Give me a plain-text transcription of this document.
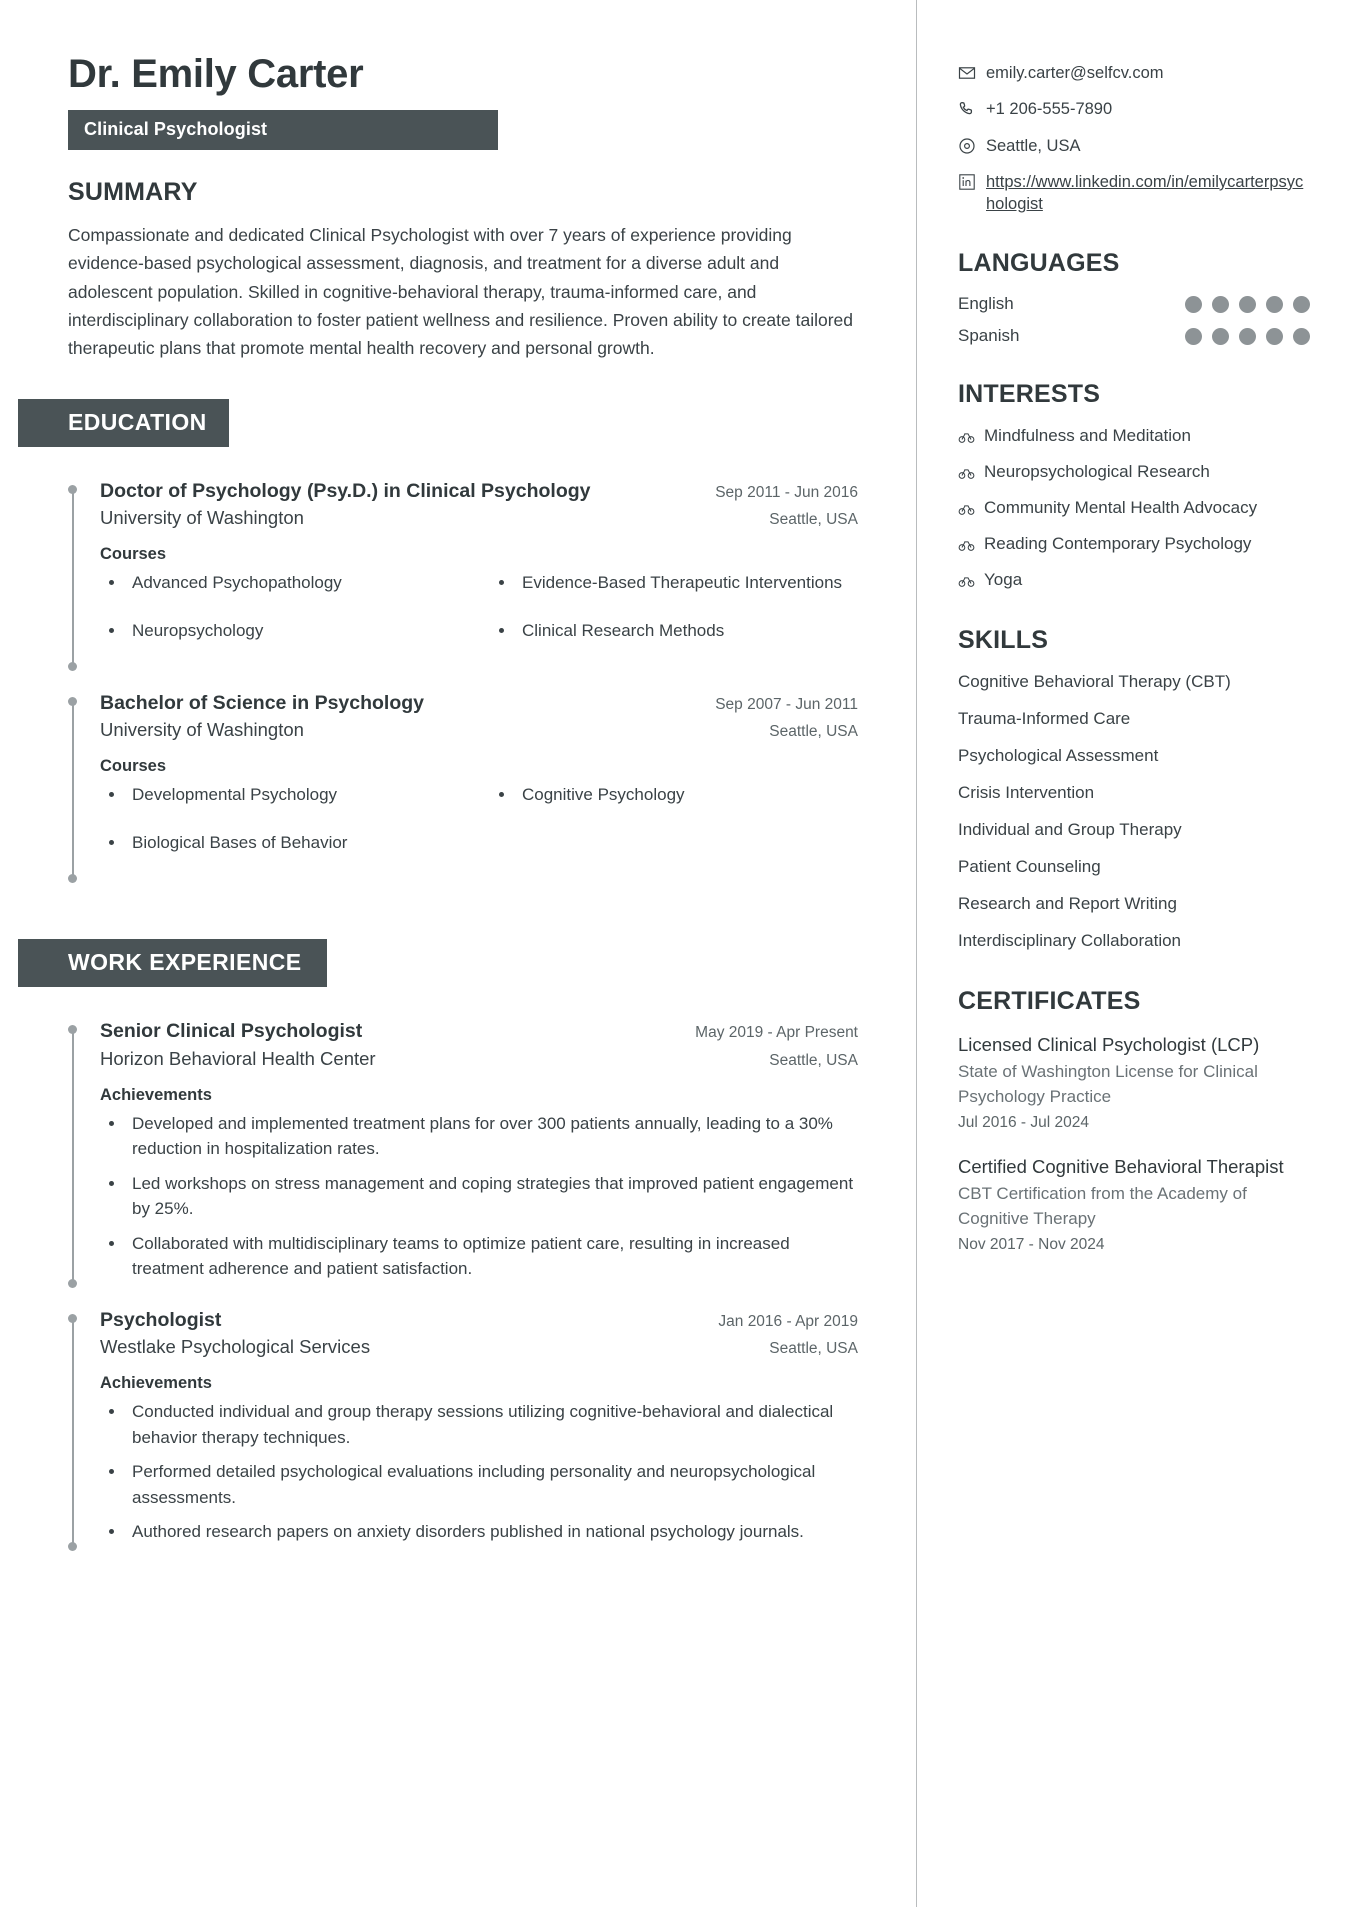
Dr. Emily Carter
Clinical Psychologist
SUMMARY

Compassionate and dedicated Clinical Psychologist with over 7 years of experience providing evidence-based psychological assessment, diagnosis, and treatment for a diverse adult and adolescent population. Skilled in cognitive-behavioral therapy, trauma-informed care, and interdisciplinary collaboration to foster patient wellness and resilience. Proven ability to create tailored therapeutic plans that promote mental health recovery and personal growth.

EDUCATION
Doctor of Psychology (Psy.D.) in Clinical Psychology	Sep 2011 - Jun 2016
University of Washington	Seattle, USA
Courses
• Advanced Psychopathology
• Neuropsychology
• Evidence-Based Therapeutic Interventions
• Clinical Research Methods
Bachelor of Science in Psychology	Sep 2007 - Jun 2011
University of Washington	Seattle, USA
Courses
• Developmental Psychology
• Biological Bases of Behavior
• Cognitive Psychology
WORK EXPERIENCE
Senior Clinical Psychologist	May 2019 - Apr Present
Horizon Behavioral Health Center	Seattle, USA
Achievements
• Developed and implemented treatment plans for over 300 patients annually, leading to a 30% reduction in hospitalization rates.
• Led workshops on stress management and coping strategies that improved patient engagement by 25%.
• Collaborated with multidisciplinary teams to optimize patient care, resulting in increased treatment adherence and patient satisfaction.
Psychologist	Jan 2016 - Apr 2019
Westlake Psychological Services	Seattle, USA
Achievements
• Conducted individual and group therapy sessions utilizing cognitive-behavioral and dialectical behavior therapy techniques.
• Performed detailed psychological evaluations including personality and neuropsychological assessments.
• Authored research papers on anxiety disorders published in national psychology journals.
emily.carter@selfcv.com
+1 206-555-7890
Seattle, USA
https://www.linkedin.com/in/emilycarterpsychologist
LANGUAGES
English
Spanish
INTERESTS
Mindfulness and Meditation
Neuropsychological Research
Community Mental Health Advocacy
Reading Contemporary Psychology
Yoga
SKILLS
Cognitive Behavioral Therapy (CBT)
Trauma-Informed Care
Psychological Assessment
Crisis Intervention
Individual and Group Therapy
Patient Counseling
Research and Report Writing
Interdisciplinary Collaboration
CERTIFICATES
Licensed Clinical Psychologist (LCP)
State of Washington License for Clinical Psychology Practice
Jul 2016 - Jul 2024
Certified Cognitive Behavioral Therapist
CBT Certification from the Academy of Cognitive Therapy
Nov 2017 - Nov 2024
